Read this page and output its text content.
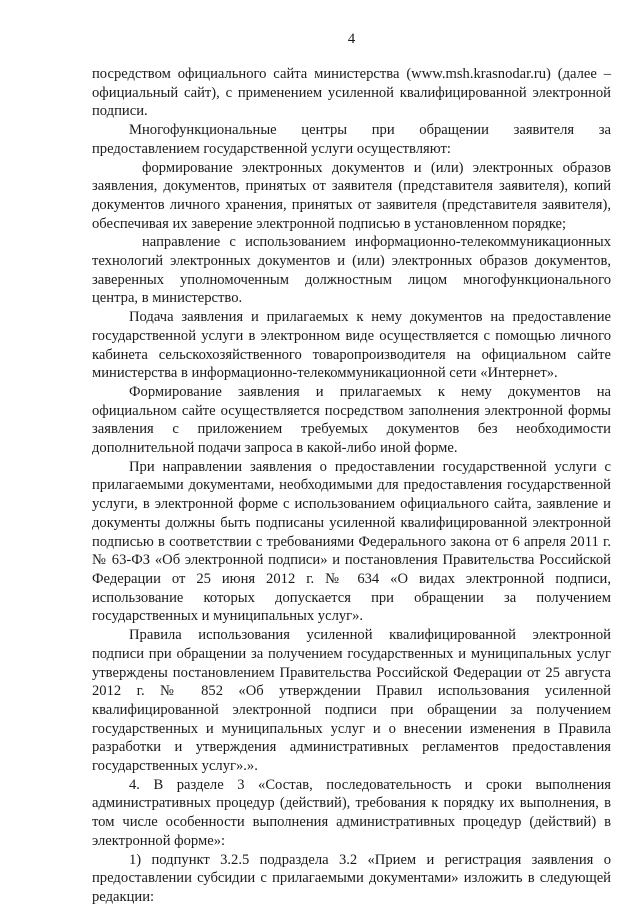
4

посредством официального сайта министерства (www.msh.krasnodar.ru) (далее – официальный сайт), с применением усиленной квалифицированной электронной подписи.

Многофункциональные центры при обращении заявителя за предоставлением государственной услуги осуществляют:

формирование электронных документов и (или) электронных образов заявления, документов, принятых от заявителя (представителя заявителя), копий документов личного хранения, принятых от заявителя (представителя заявителя), обеспечивая их заверение электронной подписью в установленном порядке;

направление с использованием информационно-телекоммуникационных технологий электронных документов и (или) электронных образов документов, заверенных уполномоченным должностным лицом многофункционального центра, в министерство.

Подача заявления и прилагаемых к нему документов на предоставление государственной услуги в электронном виде осуществляется с помощью личного кабинета сельскохозяйственного товаропроизводителя на официальном сайте министерства в информационно-телекоммуникационной сети «Интернет».

Формирование заявления и прилагаемых к нему документов на официальном сайте осуществляется посредством заполнения электронной формы заявления с приложением требуемых документов без необходимости дополнительной подачи запроса в какой-либо иной форме.

При направлении заявления о предоставлении государственной услуги с прилагаемыми документами, необходимыми для предоставления государственной услуги, в электронной форме с использованием официального сайта, заявление и документы должны быть подписаны усиленной квалифицированной электронной подписью в соответствии с требованиями Федерального закона от 6 апреля 2011 г. № 63-ФЗ «Об электронной подписи» и постановления Правительства Российской Федерации от 25 июня 2012 г. № 634 «О видах электронной подписи, использование которых допускается при обращении за получением государственных и муниципальных услуг».

Правила использования усиленной квалифицированной электронной подписи при обращении за получением государственных и муниципальных услуг утверждены постановлением Правительства Российской Федерации от 25 августа 2012 г. № 852 «Об утверждении Правил использования усиленной квалифицированной электронной подписи при обращении за получением государственных и муниципальных услуг и о внесении изменения в Правила разработки и утверждения административных регламентов предоставления государственных услуг».».

4. В разделе 3 «Состав, последовательность и сроки выполнения административных процедур (действий), требования к порядку их выполнения, в том числе особенности выполнения административных процедур (действий) в электронной форме»:

1) подпункт 3.2.5 подраздела 3.2 «Прием и регистрация заявления о предоставлении субсидии с прилагаемыми документами» изложить в следующей редакции:
